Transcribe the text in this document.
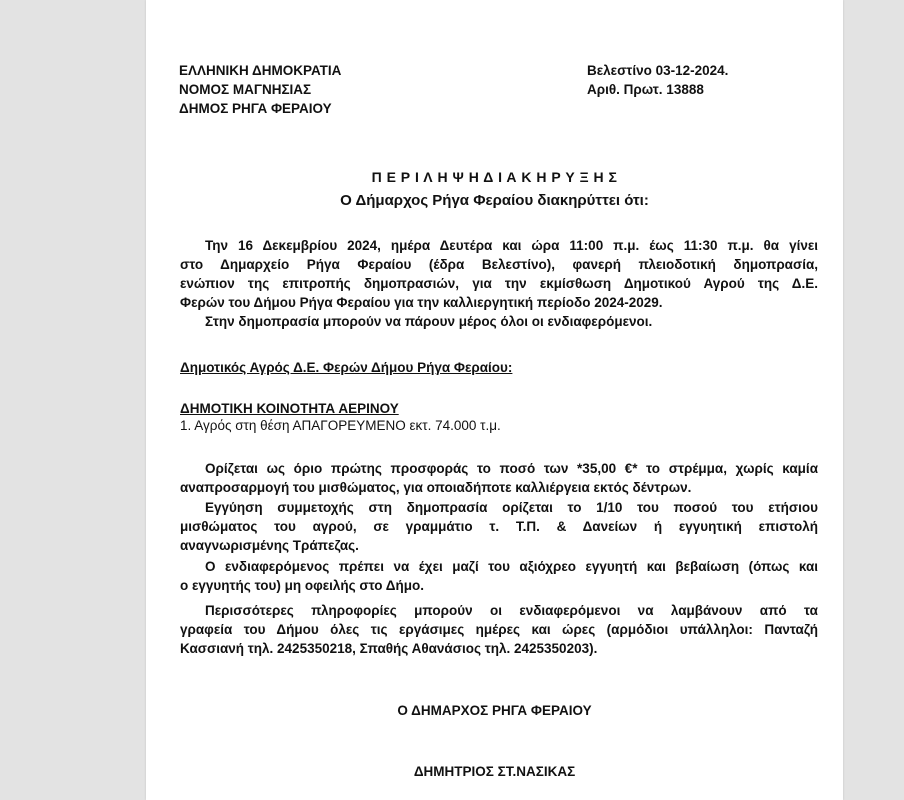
ΕΛΛΗΝΙΚΗ ΔΗΜΟΚΡΑΤΙΑ
ΝΟΜΟΣ ΜΑΓΝΗΣΙΑΣ
ΔΗΜΟΣ ΡΗΓΑ ΦΕΡΑΙΟΥ
Βελεστίνο 03-12-2024.
Αριθ. Πρωτ. 13888
Π Ε Ρ Ι Λ Η Ψ Η Δ Ι Α Κ Η Ρ Υ Ξ Η Σ
Ο Δήμαρχος Ρήγα Φεραίου διακηρύττει ότι:
Την 16 Δεκεμβρίου 2024, ημέρα Δευτέρα και ώρα 11:00 π.μ. έως 11:30 π.μ. θα γίνει
στο Δημαρχείο Ρήγα Φεραίου (έδρα Βελεστίνο), φανερή πλειοδοτική δημοπρασία,
ενώπιον της επιτροπής δημοπρασιών, για την εκμίσθωση Δημοτικού Αγρού της Δ.Ε.
Φερών του Δήμου Ρήγα Φεραίου για την καλλιεργητική περίοδο 2024-2029.
Στην δημοπρασία μπορούν να πάρουν μέρος όλοι οι ενδιαφερόμενοι.
Δημοτικός Αγρός Δ.Ε. Φερών Δήμου Ρήγα Φεραίου:
ΔΗΜΟΤΙΚΗ ΚΟΙΝΟΤΗΤΑ ΑΕΡΙΝΟΥ
1. Αγρός στη θέση ΑΠΑΓΟΡΕΥΜΕΝΟ εκτ. 74.000 τ.μ.
Ορίζεται ως όριο πρώτης προσφοράς το ποσό των *35,00 €* το στρέμμα, χωρίς καμία
αναπροσαρμογή του μισθώματος, για οποιαδήποτε καλλιέργεια εκτός δέντρων.
Εγγύηση συμμετοχής στη δημοπρασία ορίζεται το 1/10 του ποσού του ετήσιου
μισθώματος του αγρού, σε γραμμάτιο τ. Τ.Π. & Δανείων ή εγγυητική επιστολή
αναγνωρισμένης Τράπεζας.
Ο ενδιαφερόμενος πρέπει να έχει μαζί του αξιόχρεο εγγυητή και βεβαίωση (όπως και
ο εγγυητής του) μη οφειλής στο Δήμο.
Περισσότερες πληροφορίες μπορούν οι ενδιαφερόμενοι να λαμβάνουν από τα
γραφεία του Δήμου όλες τις εργάσιμες ημέρες και ώρες (αρμόδιοι υπάλληλοι: Πανταζή
Κασσιανή τηλ. 2425350218, Σπαθής Αθανάσιος τηλ. 2425350203).
Ο ΔΗΜΑΡΧΟΣ ΡΗΓΑ ΦΕΡΑΙΟΥ
ΔΗΜΗΤΡΙΟΣ ΣΤ.ΝΑΣΙΚΑΣ
